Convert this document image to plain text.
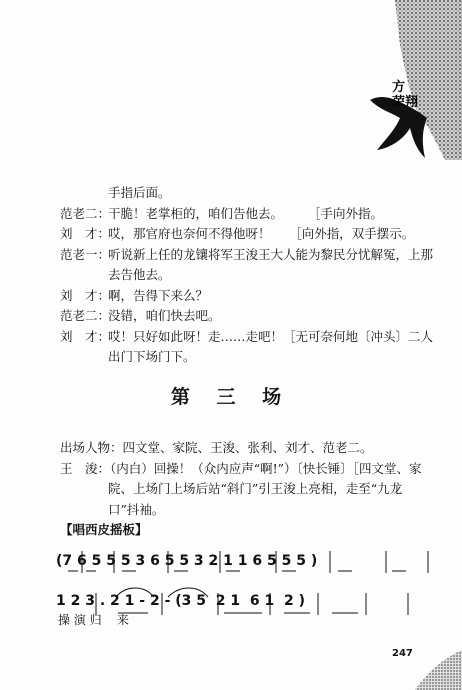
方
荣翔
手指后面。
范老二：干脆！老掌柜的，咱们告他去。　　　［手向外指。
刘　才：哎，那官府也奈何不得他呀！　　［向外指，双手摆示。
范老一：听说新上任的龙镶将军王浚王大人能为黎民分忧解冤，上那
去告他去。
刘　才：啊，告得下来么？
范老二：没错，咱们快去吧。
刘　才：哎！只好如此呀！走……走吧！［无可奈何地〔冲头〕二人
出门下场门下。
第 三 场
出场人物：四文堂、家院、王浚、张利、刘才、范老二。
王　浚：（内白）回操！（众内应声“啊!”）〔快长锤〕［四文堂、家
院、上场门上场后站“斜门”引王浚上亮相，走至“九龙
口”抖袖。
【唱西皮摇板】
(7 6 5 5 5 3 6 5 5 3 2 1 1 6 5 5 5 )
1 2 3 . 2 1 - 2 - (3 5  2 1  6 1  2 )
操 演 归    来
247
